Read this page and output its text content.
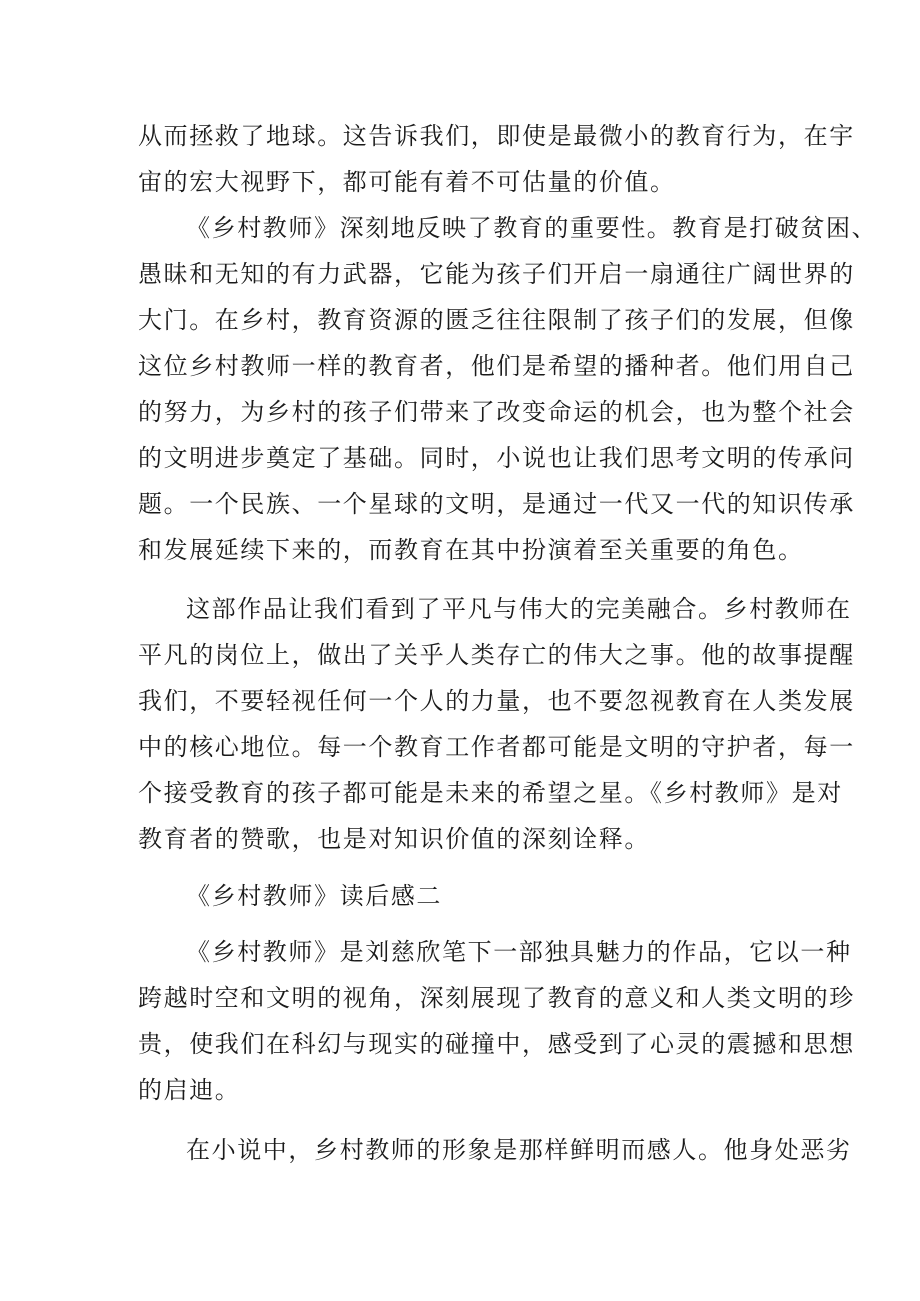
从而拯救了地球。这告诉我们，即使是最微小的教育行为，在宇
宙的宏大视野下，都可能有着不可估量的价值。
《乡村教师》深刻地反映了教育的重要性。教育是打破贫困、
愚昧和无知的有力武器，它能为孩子们开启一扇通往广阔世界的
大门。在乡村，教育资源的匮乏往往限制了孩子们的发展，但像
这位乡村教师一样的教育者，他们是希望的播种者。他们用自己
的努力，为乡村的孩子们带来了改变命运的机会，也为整个社会
的文明进步奠定了基础。同时，小说也让我们思考文明的传承问
题。一个民族、一个星球的文明，是通过一代又一代的知识传承
和发展延续下来的，而教育在其中扮演着至关重要的角色。
这部作品让我们看到了平凡与伟大的完美融合。乡村教师在
平凡的岗位上，做出了关乎人类存亡的伟大之事。他的故事提醒
我们，不要轻视任何一个人的力量，也不要忽视教育在人类发展
中的核心地位。每一个教育工作者都可能是文明的守护者，每一
个接受教育的孩子都可能是未来的希望之星。《乡村教师》是对
教育者的赞歌，也是对知识价值的深刻诠释。
《乡村教师》读后感二
《乡村教师》是刘慈欣笔下一部独具魅力的作品，它以一种
跨越时空和文明的视角，深刻展现了教育的意义和人类文明的珍
贵，使我们在科幻与现实的碰撞中，感受到了心灵的震撼和思想
的启迪。
在小说中，乡村教师的形象是那样鲜明而感人。他身处恶劣
